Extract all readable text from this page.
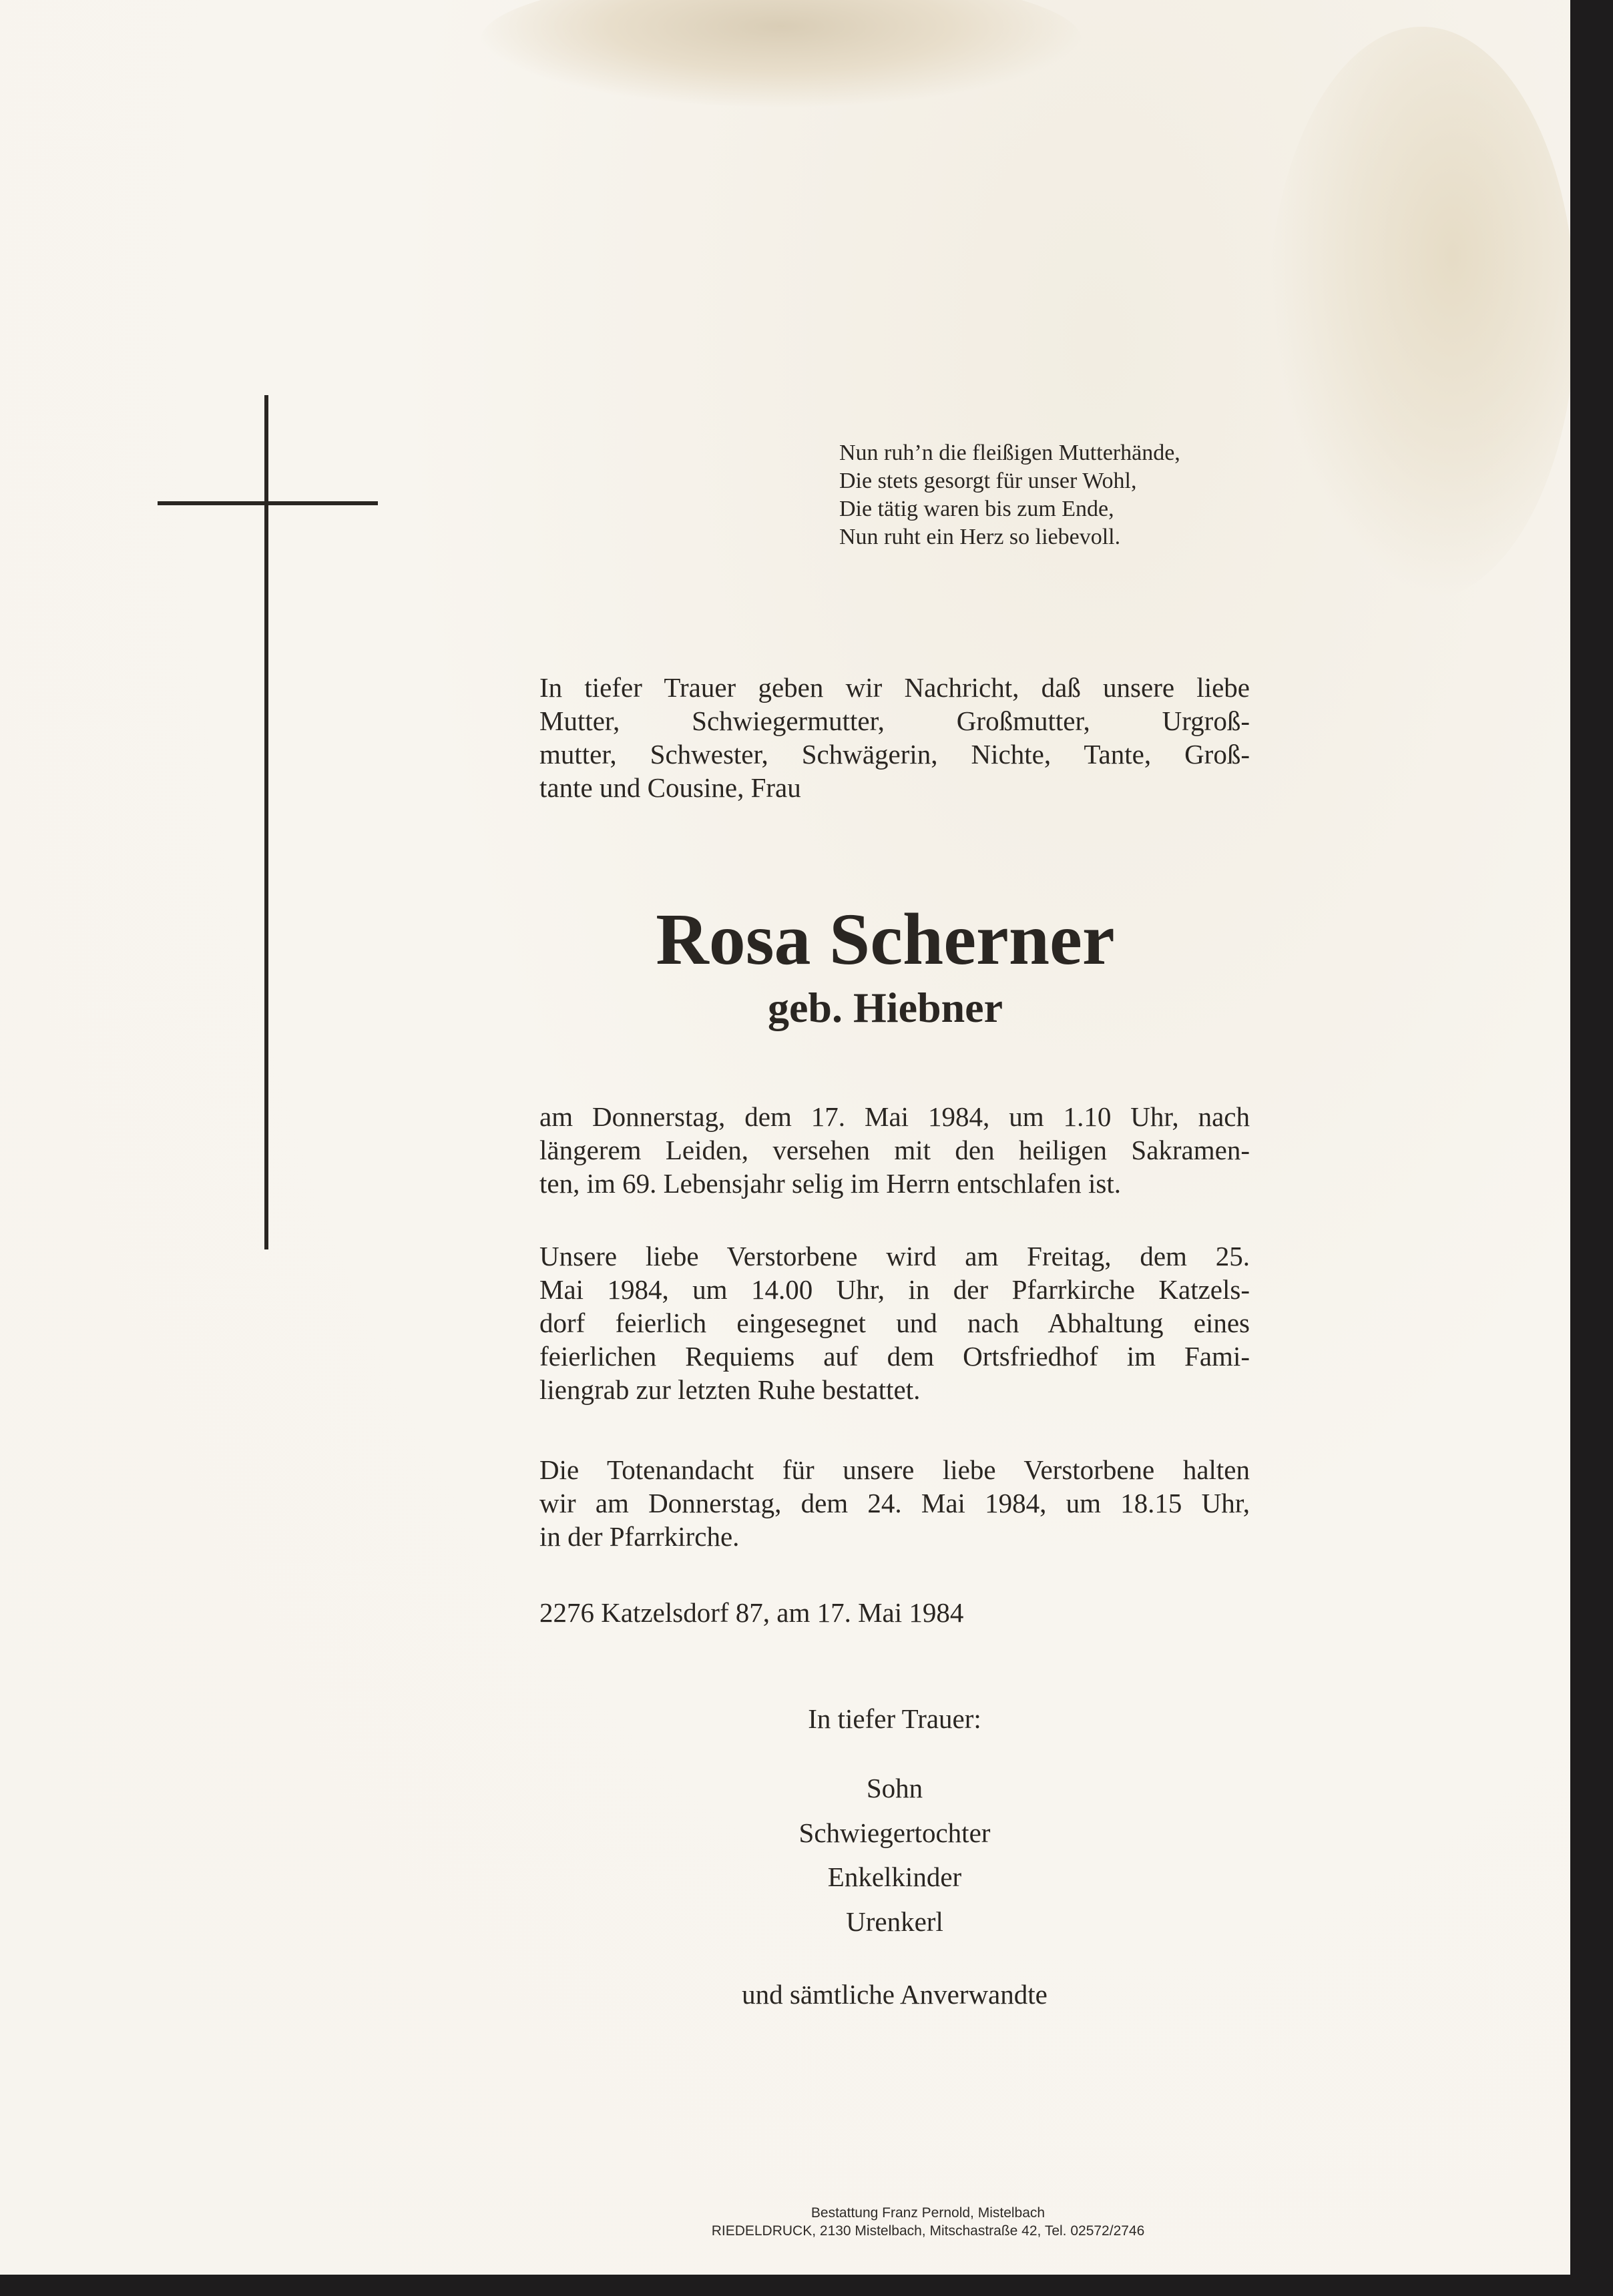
Nun ruh’n die fleißigen Mutterhände,
Die stets gesorgt für unser Wohl,
Die tätig waren bis zum Ende,
Nun ruht ein Herz so liebevoll.
In tiefer Trauer geben wir Nachricht, daß unsere liebe
Mutter, Schwiegermutter, Großmutter, Urgroß-
mutter, Schwester, Schwägerin, Nichte, Tante, Groß-
tante und Cousine, Frau
Rosa Scherner
geb. Hiebner
am Donnerstag, dem 17. Mai 1984, um 1.10 Uhr, nach
längerem Leiden, versehen mit den heiligen Sakramen-
ten, im 69. Lebensjahr selig im Herrn entschlafen ist.
Unsere liebe Verstorbene wird am Freitag, dem 25.
Mai 1984, um 14.00 Uhr, in der Pfarrkirche Katzels-
dorf feierlich eingesegnet und nach Abhaltung eines
feierlichen Requiems auf dem Ortsfriedhof im Fami-
liengrab zur letzten Ruhe bestattet.
Die Totenandacht für unsere liebe Verstorbene halten
wir am Donnerstag, dem 24. Mai 1984, um 18.15 Uhr,
in der Pfarrkirche.
2276 Katzelsdorf 87, am 17. Mai 1984
In tiefer Trauer:
Sohn
Schwiegertochter
Enkelkinder
Urenkerl
und sämtliche Anverwandte
Bestattung Franz Pernold, Mistelbach
RIEDELDRUCK, 2130 Mistelbach, Mitschastraße 42, Tel. 02572/2746
